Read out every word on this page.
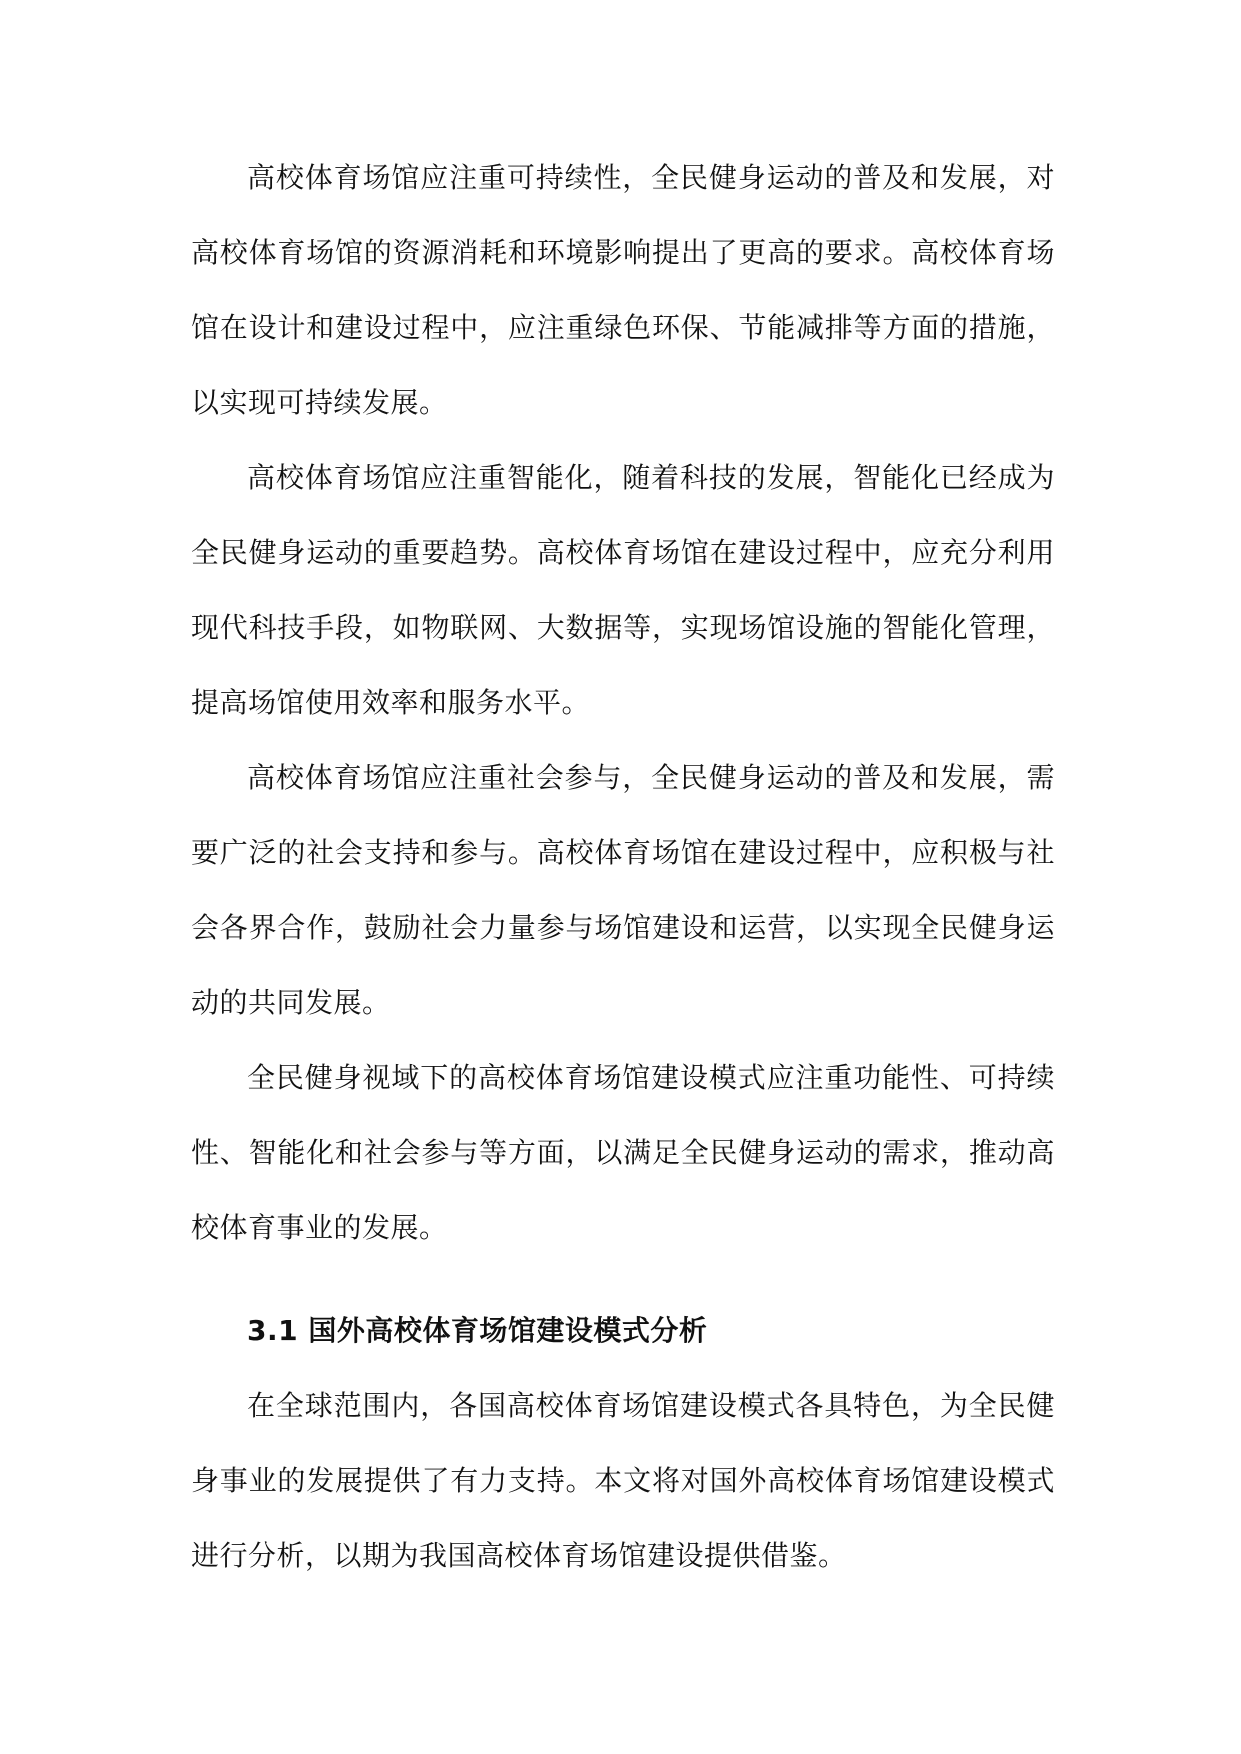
高校体育场馆应注重可持续性，全民健身运动的普及和发展，对高校体育场馆的资源消耗和环境影响提出了更高的要求。高校体育场馆在设计和建设过程中，应注重绿色环保、节能减排等方面的措施，以实现可持续发展。

高校体育场馆应注重智能化，随着科技的发展，智能化已经成为全民健身运动的重要趋势。高校体育场馆在建设过程中，应充分利用现代科技手段，如物联网、大数据等，实现场馆设施的智能化管理，提高场馆使用效率和服务水平。

高校体育场馆应注重社会参与，全民健身运动的普及和发展，需要广泛的社会支持和参与。高校体育场馆在建设过程中，应积极与社会各界合作，鼓励社会力量参与场馆建设和运营，以实现全民健身运动的共同发展。

全民健身视域下的高校体育场馆建设模式应注重功能性、可持续性、智能化和社会参与等方面，以满足全民健身运动的需求，推动高校体育事业的发展。

3.1 国外高校体育场馆建设模式分析

在全球范围内，各国高校体育场馆建设模式各具特色，为全民健身事业的发展提供了有力支持。本文将对国外高校体育场馆建设模式进行分析，以期为我国高校体育场馆建设提供借鉴。
